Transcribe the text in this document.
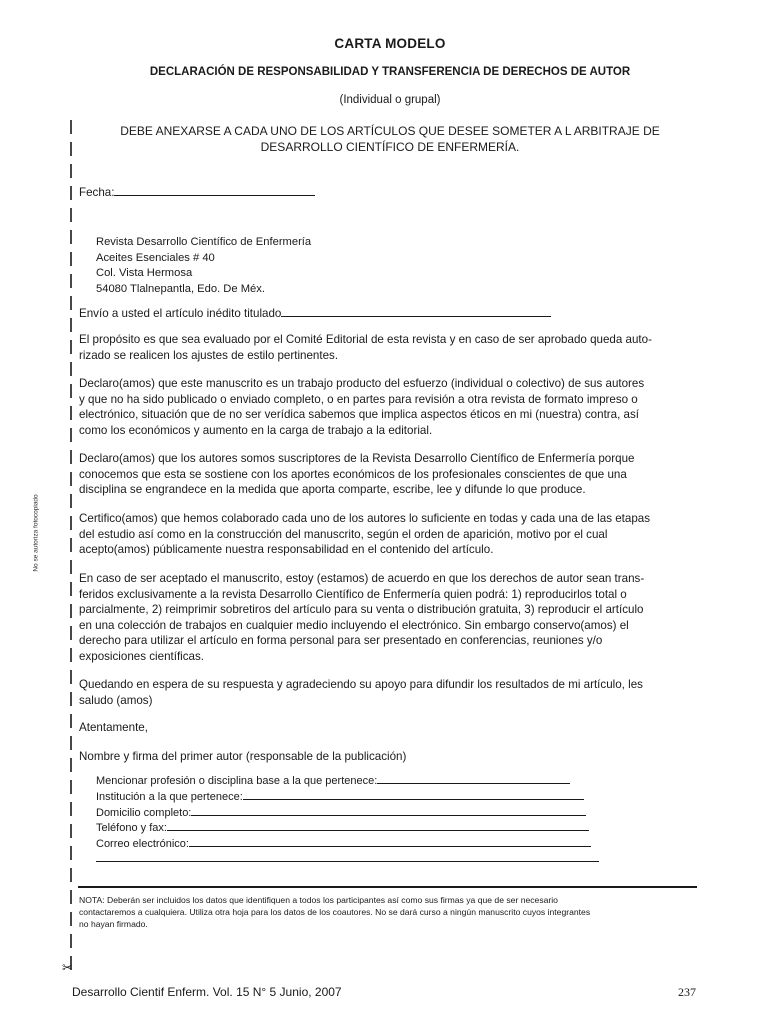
CARTA MODELO
DECLARACIÓN DE RESPONSABILIDAD Y TRANSFERENCIA DE DERECHOS DE AUTOR
(Individual o grupal)
DEBE ANEXARSE A CADA UNO DE LOS ARTÍCULOS QUE DESEE SOMETER A L ARBITRAJE DE
DESARROLLO CIENTÍFICO DE ENFERMERÍA.
Fecha:
Revista Desarrollo Científico de Enfermería
Aceites Esenciales # 40
Col. Vista Hermosa
54080 Tlalnepantla, Edo. De Méx.
Envío a usted el artículo inédito titulado
El propósito es que sea evaluado por el Comité Editorial de esta revista y en caso de ser aprobado queda auto-
rizado se realicen los ajustes de estilo pertinentes.
Declaro(amos) que este manuscrito es un trabajo producto del esfuerzo (individual o colectivo) de sus autores
y que no ha sido publicado o enviado completo, o en partes para revisión a otra revista de formato impreso o
electrónico, situación que de no ser verídica sabemos que implica aspectos éticos en mi (nuestra) contra, así
como los económicos y aumento en la carga de trabajo a la editorial.
Declaro(amos) que los autores somos suscriptores de la Revista Desarrollo Científico de Enfermería porque
conocemos que esta se sostiene con los aportes económicos de los profesionales conscientes de que una
disciplina se engrandece en la medida que aporta comparte, escribe, lee y difunde lo que produce.
Certifico(amos) que hemos colaborado cada uno de los autores lo suficiente en todas y cada una de las etapas
del estudio así como en la construcción del manuscrito, según el orden de aparición, motivo por el cual
acepto(amos) públicamente nuestra responsabilidad en el contenido del artículo.
En caso de ser aceptado el manuscrito, estoy (estamos) de acuerdo en que los derechos de autor sean trans-
feridos exclusivamente a la revista Desarrollo Científico de Enfermería quien podrá: 1) reproducirlos total o
parcialmente, 2) reimprimir sobretiros del artículo para su venta o distribución gratuita, 3) reproducir el artículo
en una colección de trabajos en cualquier medio incluyendo el electrónico. Sin embargo conservo(amos) el
derecho para utilizar el artículo en forma personal para ser presentado en conferencias, reuniones y/o
exposiciones científicas.
Quedando en espera de su respuesta y agradeciendo su apoyo para difundir los resultados de mi artículo, les
saludo (amos)
Atentamente,
Nombre y firma del primer autor (responsable de la publicación)
Mencionar profesión o disciplina base a la que pertenece:
Institución a la que pertenece:
Domicilio completo:
Teléfono y fax:
Correo electrónico:
NOTA: Deberán ser incluidos los datos que identifiquen a todos los participantes así como sus firmas ya que de ser necesario
contactaremos a cualquiera. Utiliza otra hoja para los datos de los coautores. No se dará curso a ningún manuscrito cuyos integrantes
no hayan firmado.
✂
No se autoriza fotocopiado
Desarrollo Cientif Enferm. Vol. 15 N° 5 Junio, 2007	237
